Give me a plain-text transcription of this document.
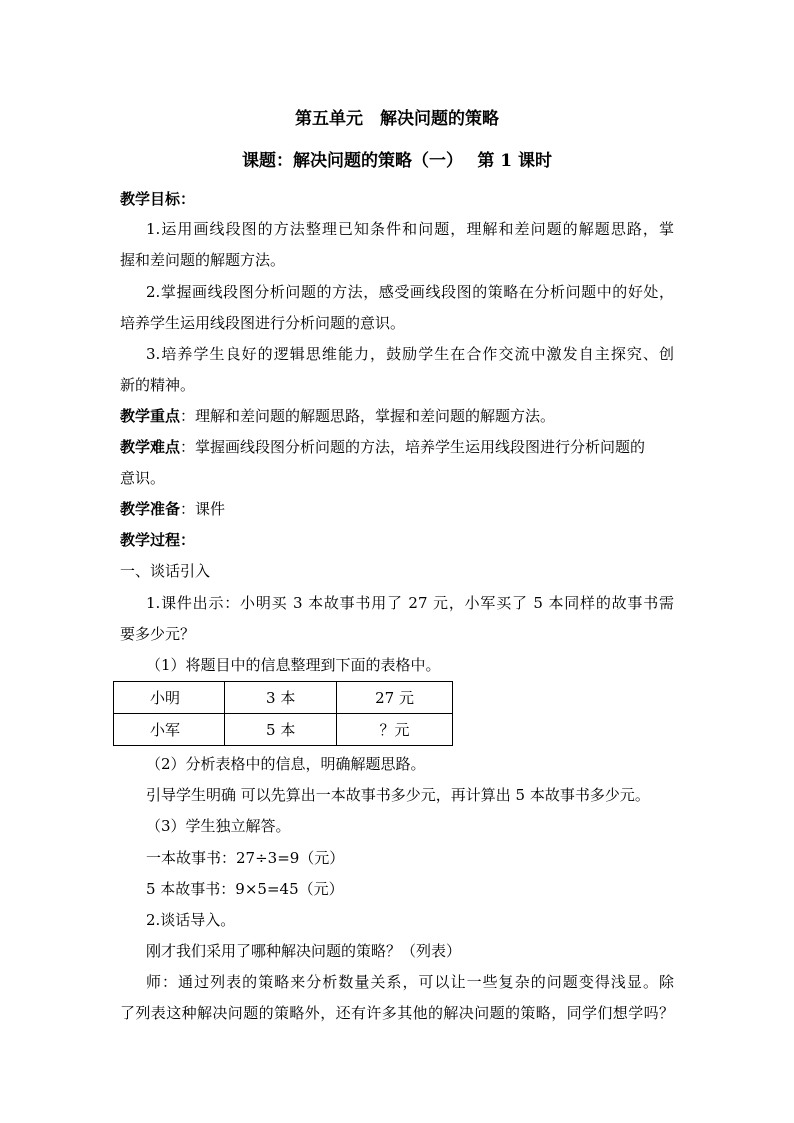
第五单元　解决问题的策略
课题：解决问题的策略（一）　 第 1 课时
教学目标：
1.运用画线段图的方法整理已知条件和问题，理解和差问题的解题思路，掌
握和差问题的解题方法。
2.掌握画线段图分析问题的方法，感受画线段图的策略在分析问题中的好处，
培养学生运用线段图进行分析问题的意识。
3.培养学生良好的逻辑思维能力，鼓励学生在合作交流中激发自主探究、创
新的精神。
教学重点：理解和差问题的解题思路，掌握和差问题的解题方法。
教学难点：掌握画线段图分析问题的方法，培养学生运用线段图进行分析问题的
意识。
教学准备：课件
教学过程：
一、谈话引入
1.课件出示：小明买 3 本故事书用了 27 元，小军买了 5 本同样的故事书需
要多少元？
（1）将题目中的信息整理到下面的表格中。
小明	3 本	27 元
小军	5 本	？元
（2）分析表格中的信息，明确解题思路。
引导学生明确 可以先算出一本故事书多少元，再计算出 5 本故事书多少元。
（3）学生独立解答。
一本故事书：27÷3=9（元）
5 本故事书：9×5=45（元）
2.谈话导入。
刚才我们采用了哪种解决问题的策略？（列表）
师：通过列表的策略来分析数量关系，可以让一些复杂的问题变得浅显。除
了列表这种解决问题的策略外，还有许多其他的解决问题的策略，同学们想学吗？
